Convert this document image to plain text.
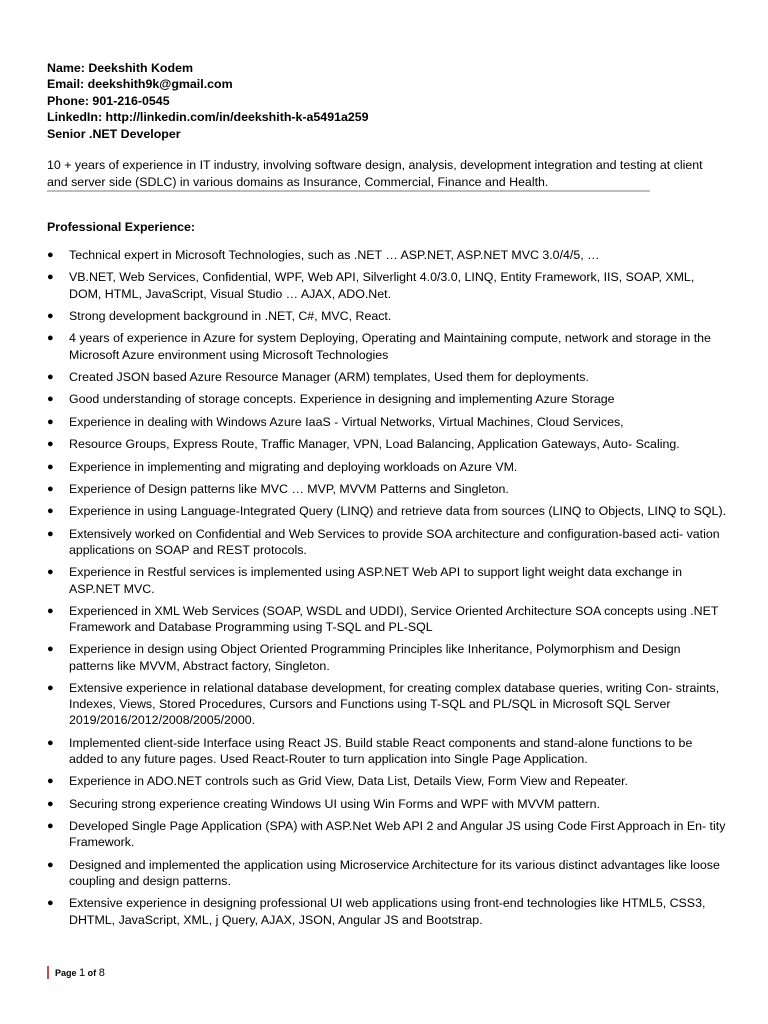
Name: Deekshith Kodem
Email: deekshith9k@gmail.com
Phone: 901-216-0545
LinkedIn: http://linkedin.com/in/deekshith-k-a5491a259
Senior .NET Developer
10 + years of experience in IT industry, involving software design, analysis, development integration and testing at client and server side (SDLC) in various domains as Insurance, Commercial, Finance and Health.
Professional Experience:
● Technical expert in Microsoft Technologies, such as .NET … ASP.NET, ASP.NET MVC 3.0/4/5, …
● VB.NET, Web Services, Confidential, WPF, Web API, Silverlight 4.0/3.0, LINQ, Entity Framework, IIS, SOAP, XML, DOM, HTML, JavaScript, Visual Studio … AJAX, ADO.Net.
● Strong development background in .NET, C#, MVC, React.
● 4 years of experience in Azure for system Deploying, Operating and Maintaining compute, network and storage in the Microsoft Azure environment using Microsoft Technologies
● Created JSON based Azure Resource Manager (ARM) templates, Used them for deployments.
● Good understanding of storage concepts. Experience in designing and implementing Azure Storage
● Experience in dealing with Windows Azure IaaS - Virtual Networks, Virtual Machines, Cloud Services,
● Resource Groups, Express Route, Traffic Manager, VPN, Load Balancing, Application Gateways, Auto- Scaling.
● Experience in implementing and migrating and deploying workloads on Azure VM.
● Experience of Design patterns like MVC … MVP, MVVM Patterns and Singleton.
● Experience in using Language-Integrated Query (LINQ) and retrieve data from sources (LINQ to Objects, LINQ to SQL).
● Extensively worked on Confidential and Web Services to provide SOA architecture and configuration-based acti- vation applications on SOAP and REST protocols.
● Experience in Restful services is implemented using ASP.NET Web API to support light weight data exchange in ASP.NET MVC.
● Experienced in XML Web Services (SOAP, WSDL and UDDI), Service Oriented Architecture SOA concepts using .NET Framework and Database Programming using T-SQL and PL-SQL
● Experience in design using Object Oriented Programming Principles like Inheritance, Polymorphism and Design patterns like MVVM, Abstract factory, Singleton.
● Extensive experience in relational database development, for creating complex database queries, writing Con- straints, Indexes, Views, Stored Procedures, Cursors and Functions using T-SQL and PL/SQL in Microsoft SQL Server 2019/2016/2012/2008/2005/2000.
● Implemented client-side Interface using React JS. Build stable React components and stand-alone functions to be added to any future pages. Used React-Router to turn application into Single Page Application.
● Experience in ADO.NET controls such as Grid View, Data List, Details View, Form View and Repeater.
● Securing strong experience creating Windows UI using Win Forms and WPF with MVVM pattern.
● Developed Single Page Application (SPA) with ASP.Net Web API 2 and Angular JS using Code First Approach in En- tity Framework.
● Designed and implemented the application using Microservice Architecture for its various distinct advantages like loose coupling and design patterns.
● Extensive experience in designing professional UI web applications using front-end technologies like HTML5, CSS3, DHTML, JavaScript, XML, j Query, AJAX, JSON, Angular JS and Bootstrap.
Page 1 of 8
